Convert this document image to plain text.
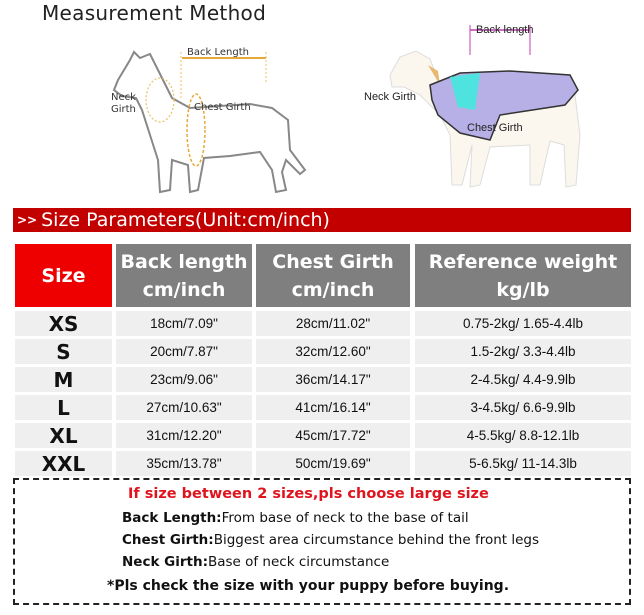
Measurement Method
Back Length
Neck
Girth	Chest Girth
Back length
Neck Girth
Chest Girth
>> Size Parameters(Unit:cm/inch)
Size
Back length
cm/inch
Chest Girth
cm/inch
Reference weight
kg/lb
XS	18cm/7.09"	28cm/11.02"	0.75-2kg/ 1.65-4.4lb
S	20cm/7.87"	32cm/12.60"	1.5-2kg/ 3.3-4.4lb
M	23cm/9.06"	36cm/14.17"	2-4.5kg/ 4.4-9.9lb
L	27cm/10.63"	41cm/16.14"	3-4.5kg/ 6.6-9.9lb
XL	31cm/12.20"	45cm/17.72"	4-5.5kg/ 8.8-12.1lb
XXL	35cm/13.78"	50cm/19.69"	5-6.5kg/ 11-14.3lb
If size between 2 sizes,pls choose large size
Back Length:From base of neck to the base of tail
Chest Girth:Biggest area circumstance behind the front legs
Neck Girth:Base of neck circumstance
*Pls check the size with your puppy before buying.
